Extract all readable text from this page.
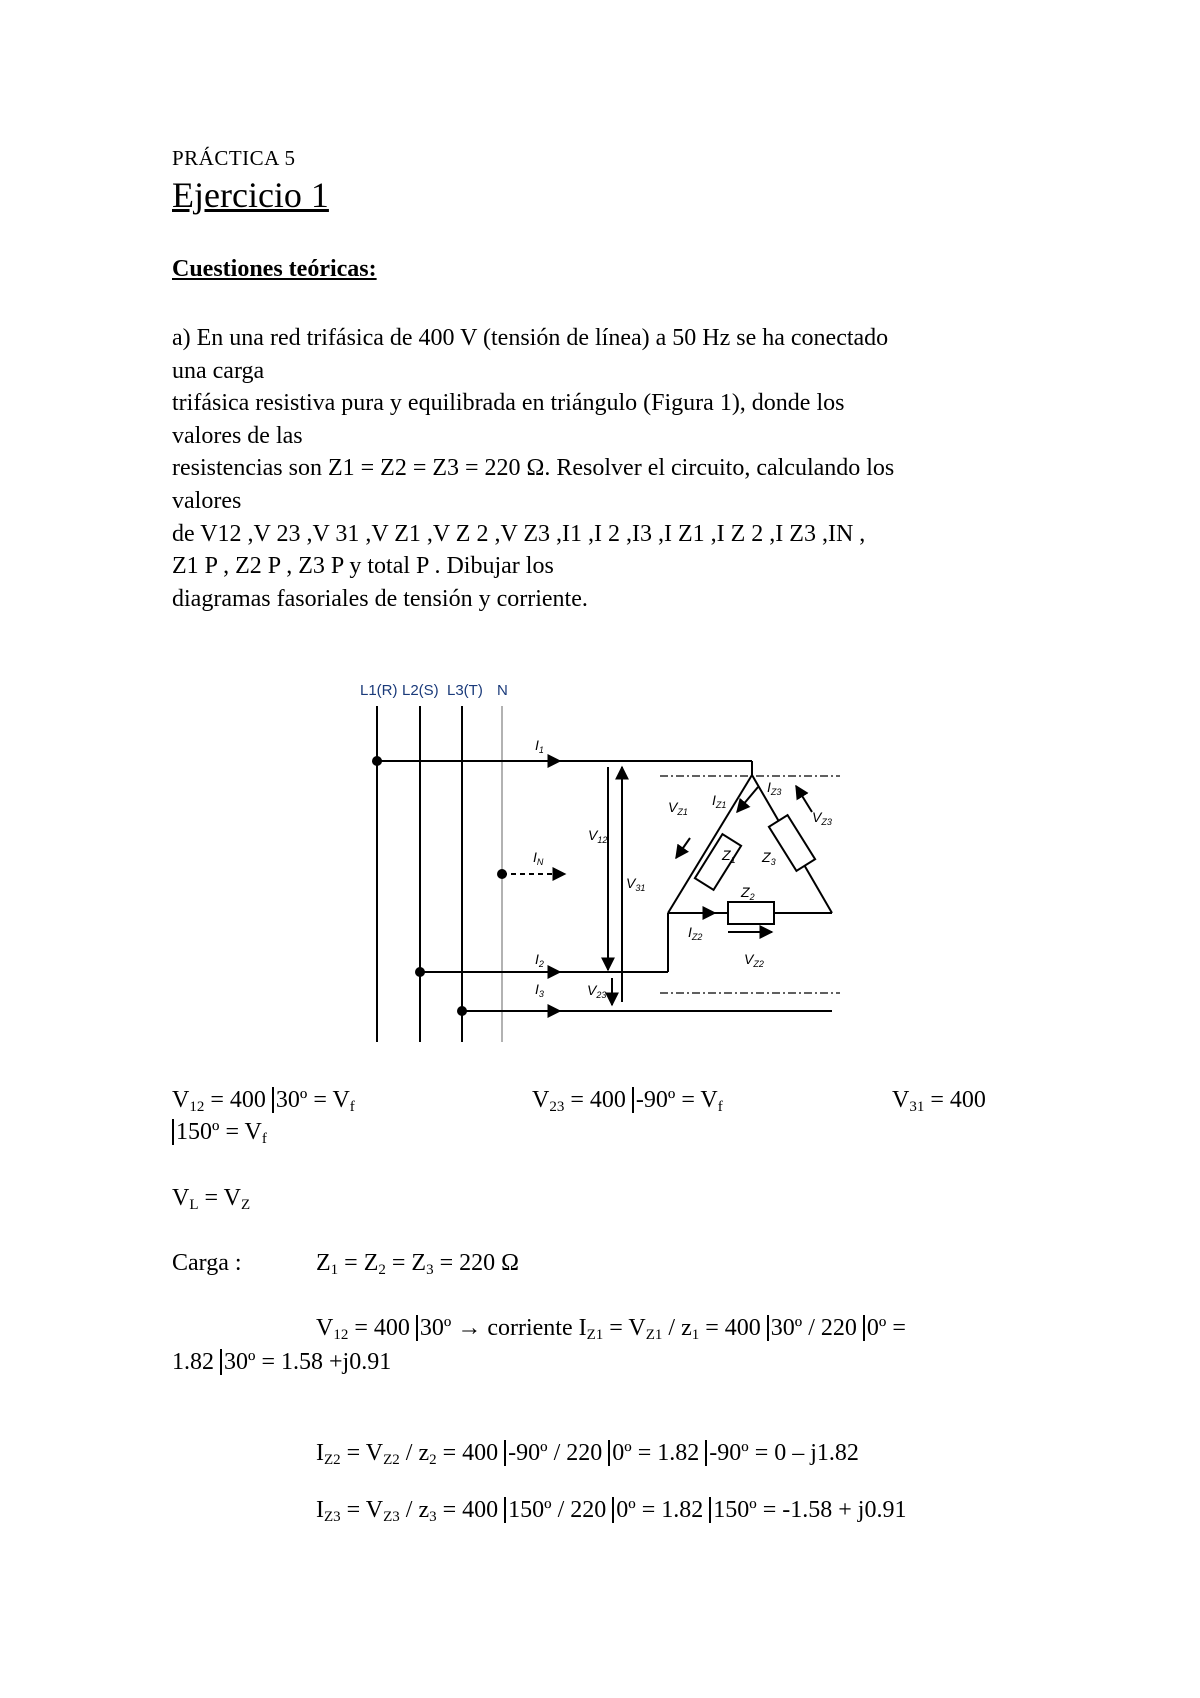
PRÁCTICA 5

Ejercicio 1

Cuestiones teóricas:

a) En una red trifásica de 400 V (tensión de línea) a 50 Hz se ha conectado
una carga
trifásica resistiva pura y equilibrada en triángulo (Figura 1), donde los
valores de las
resistencias son Z1 = Z2 = Z3 = 220 Ω. Resolver el circuito, calculando los
valores
de V12 ,V 23 ,V 31 ,V Z1 ,V Z 2 ,V Z3 ,I1 ,I 2 ,I3 ,I Z1 ,I Z 2 ,I Z3 ,IN ,
Z1 P , Z2 P , Z3 P y total P . Dibujar los
diagramas fasoriales de tensión y corriente.
L1(R) L2(S) L3(T) N
$I_1$
$I_N$
$I_2$
$I_3$
$V_{12}$
$V_{31}$
$V_{23}$
$I_{Z1}$
$I_{Z3}$
$I_{Z2}$
$V_{Z1}$	$V_{Z3}$
$V_{Z2}$
$Z_1$ $Z_3$
$Z_2$
$V_{12} = 400$ 30º = $V_f$	$V_{23} = 400$ -90º = $V_f$	$V_{31} = 400$
150º = $V_f$
$V_L = V_Z$
Carga :	$Z_1 = Z_2 = Z_3 = 220$ Ω
$V_{12} = 400$ 30º → corriente $I_{Z1} = V_{Z1} / z_1 = 400$ 30º / 220 0º =
1.82 30º = 1.58 +j0.91
$I_{Z2} = V_{Z2} / z_2 = 400$ -90º / 220 0º = 1.82 -90º = 0 – j1.82
$I_{Z3} = V_{Z3} / z_3 = 400$ 150º / 220 0º = 1.82 150º = -1.58 + j0.91
